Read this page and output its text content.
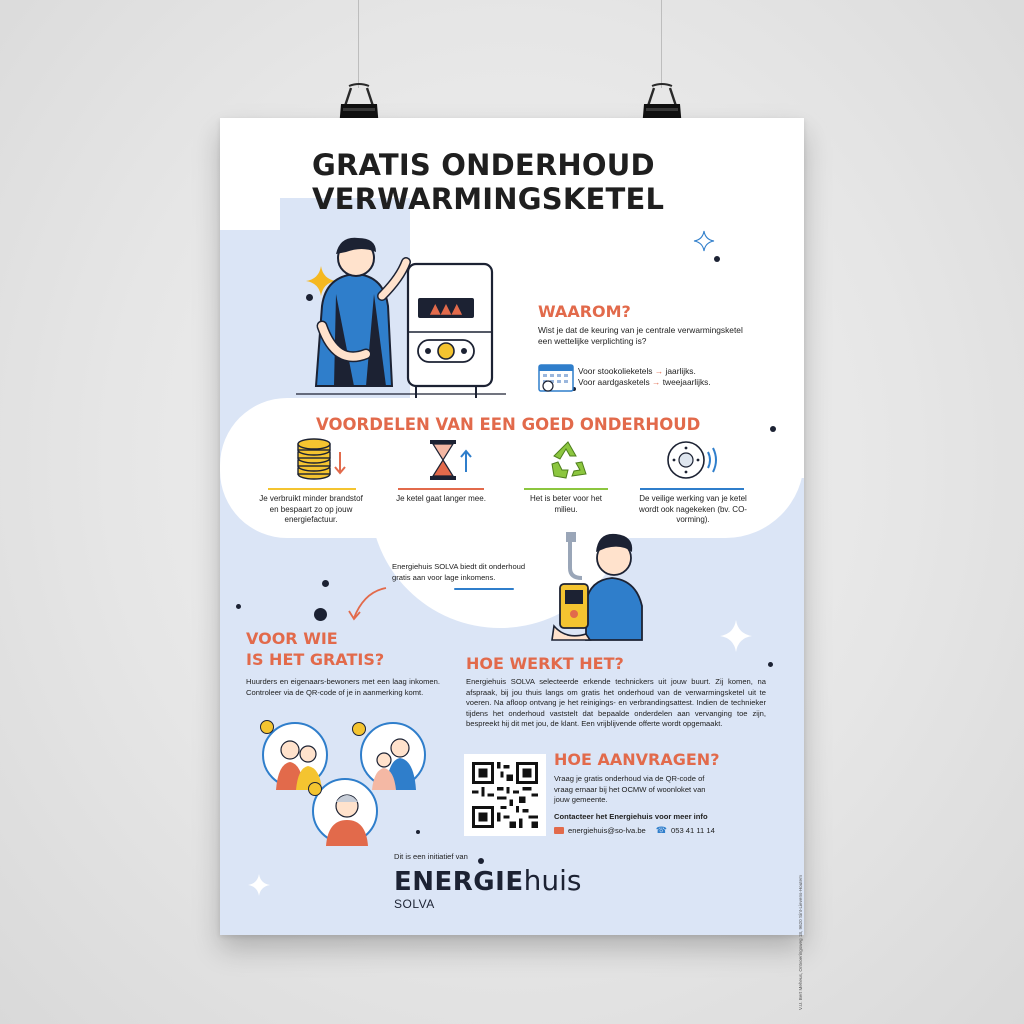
GRATIS ONDERHOUD
VERWARMINGSKETEL
▲▲▲	WAAROM?
Wist je dat de keuring van je centrale verwarmingsketel een wettelijke verplichting is?
Voor stookolieketels → jaarlijks.
Voor aardgasketels → tweejaarlijks.
VOORDELEN VAN EEN GOED ONDERHOUD
Je verbruikt minder brandstof en bespaart zo op jouw energiefactuur.
Je ketel gaat langer mee.	Het is beter voor het milieu.
De veilige werking van je ketel wordt ook nagekeken (bv. CO-vorming).
Energiehuis SOLVA biedt dit onderhoud gratis aan voor lage inkomens.
VOOR WIE
IS HET GRATIS?
Huurders en eigenaars-bewoners met een laag inkomen. Controleer via de QR-code of je in aanmerking komt.
HOE WERKT HET?
Energiehuis SOLVA selecteerde erkende technickers uit jouw buurt. Zij komen, na afspraak, bij jou thuis langs om gratis het onderhoud van de verwarmingsketel uit te voeren. Na afloop ontvang je het reinigings- en verbrandingsattest. Indien de technieker tijdens het onderhoud vaststelt dat bepaalde onderdelen aan vervanging toe zijn, bespreekt hij dit met jou, de klant. Een vrijblijvende offerte wordt opgemaakt.
HOE AANVRAGEN?
Vraag je gratis onderhoud via de QR-code of vraag ernaar bij het OCMW of woonloket van jouw gemeente.
Contacteer het Energiehuis voor meer info
energiehuis@so-lva.be ☎ 053 41 11 14
Dit is een initiatief van
ENERGIEhuis
SOLVA	V.U. Bert Meheus, Ontvoeringsweg 18, 9620 Sint-Lievens-Houtem
